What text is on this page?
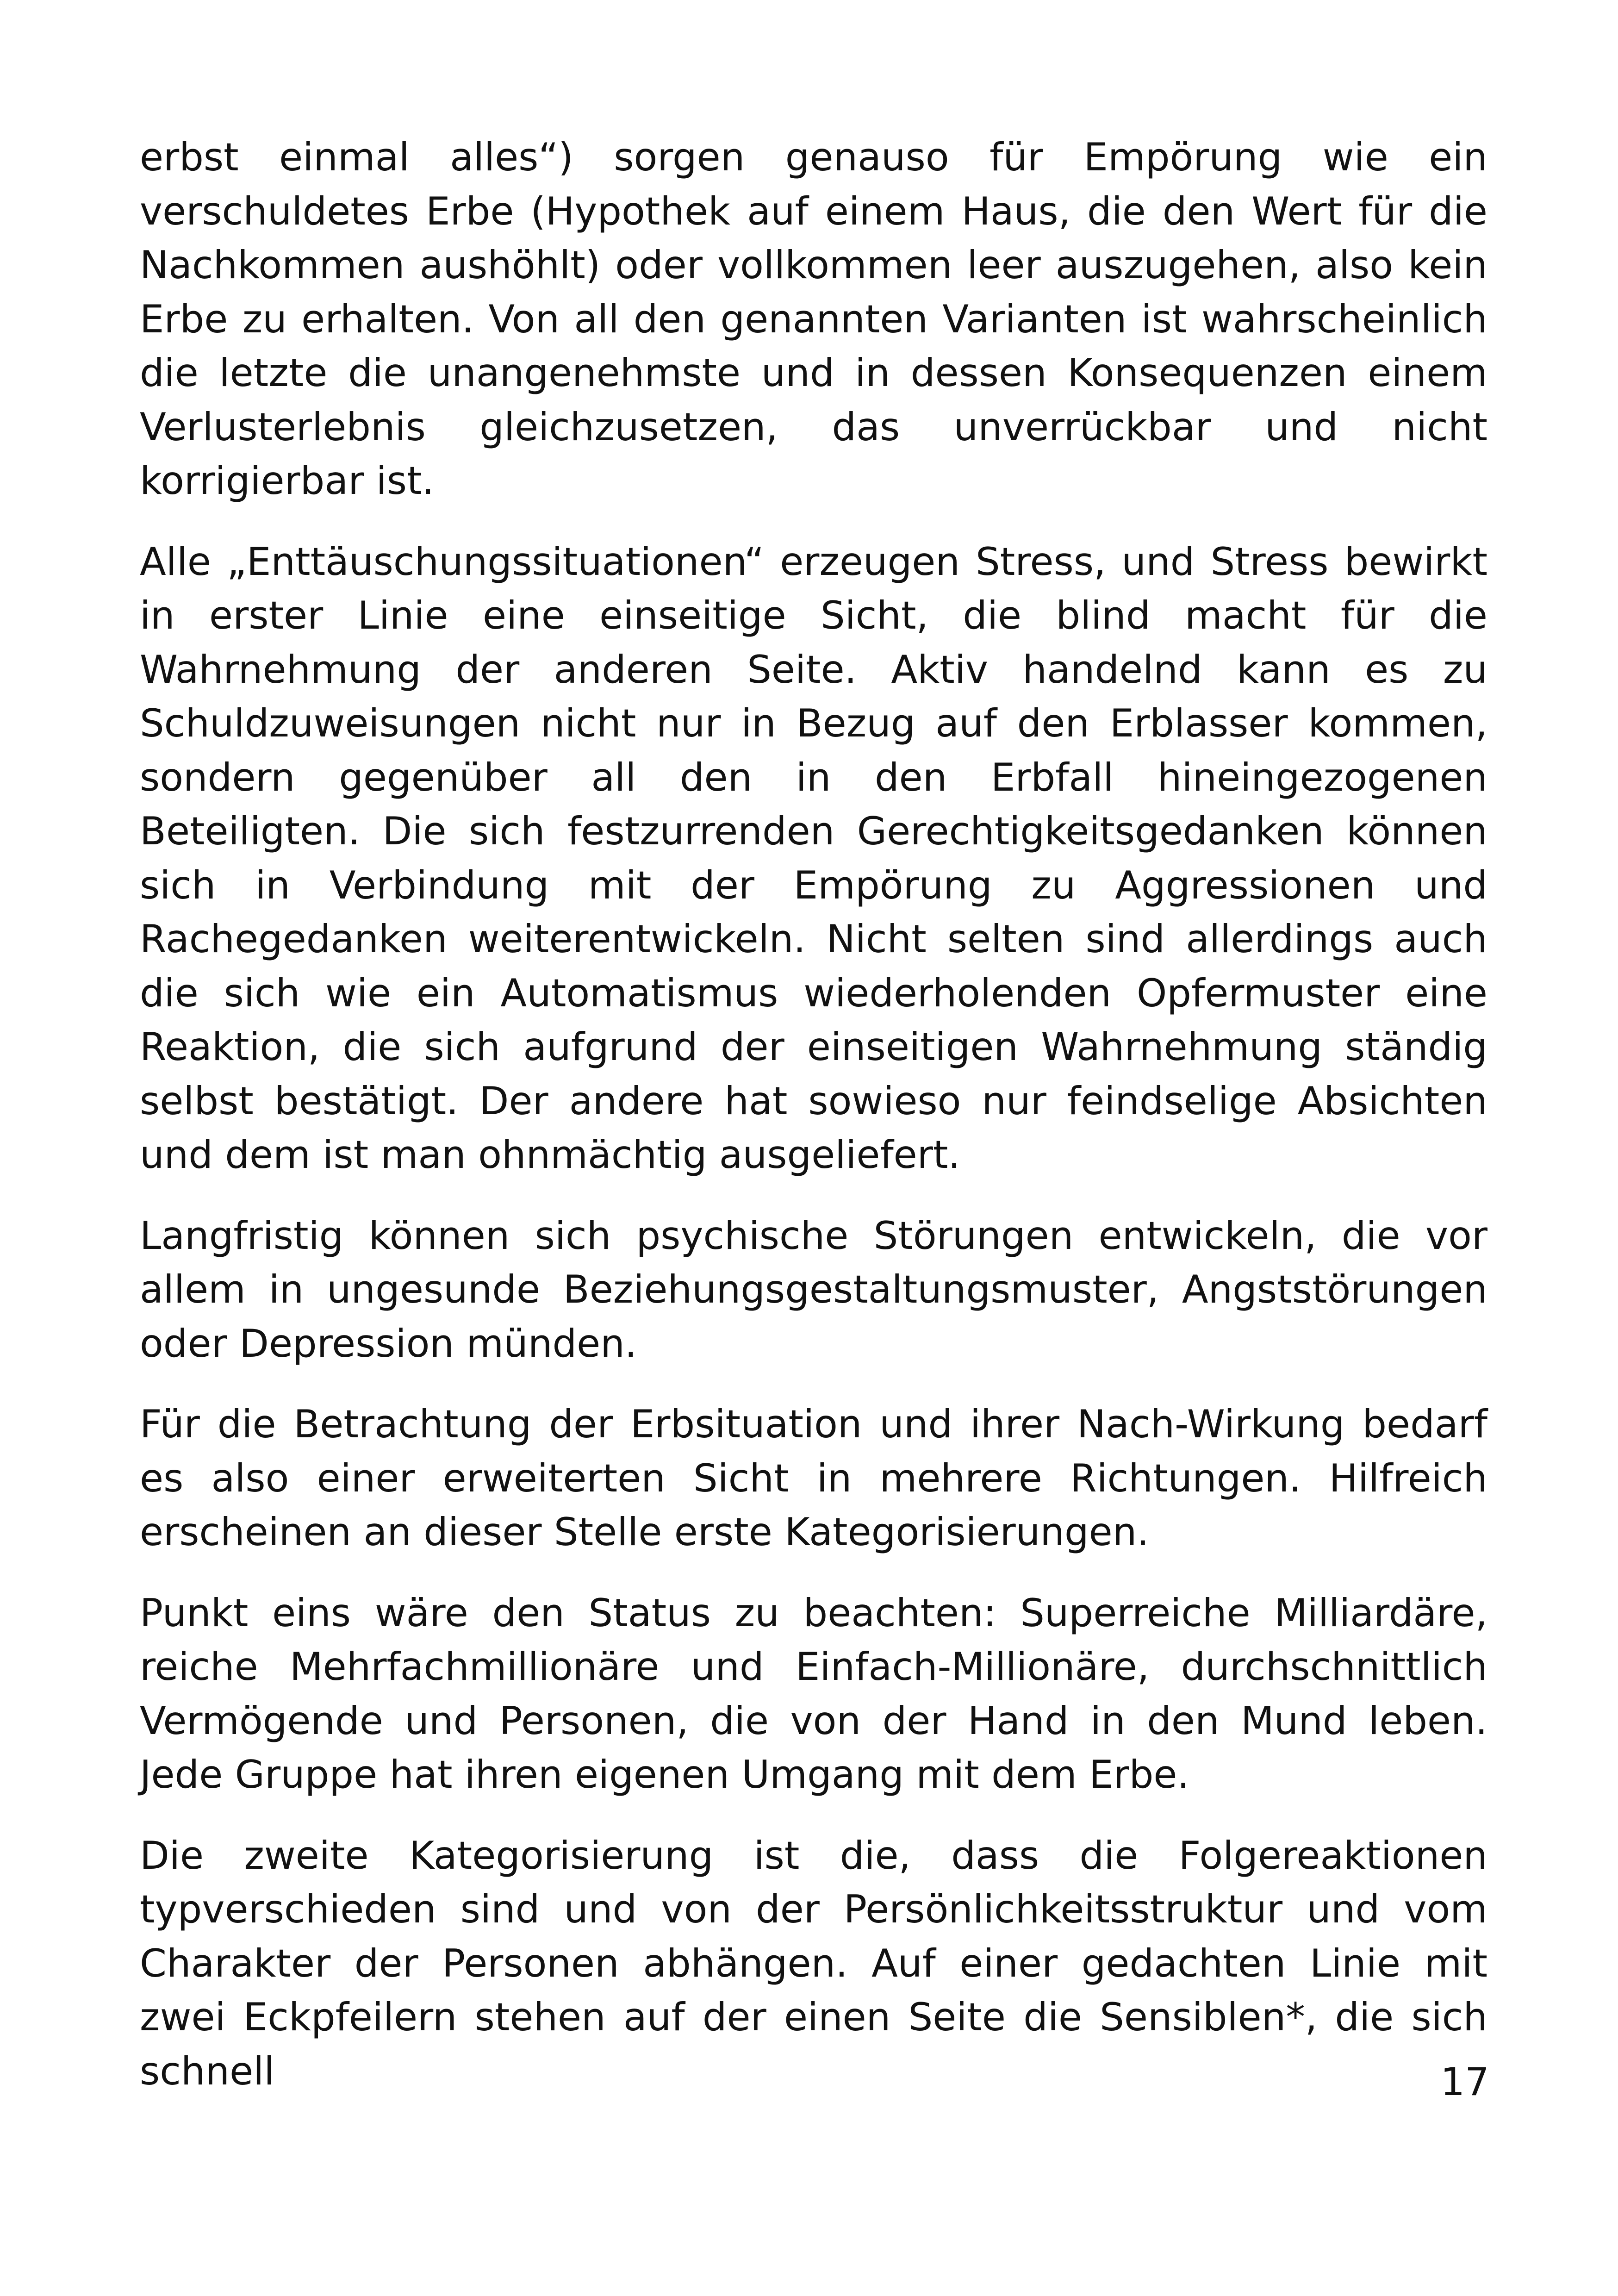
erbst einmal alles“) sorgen genauso für Empörung wie ein verschuldetes Erbe (Hypothek auf einem Haus, die den Wert für die Nachkommen aushöhlt) oder vollkommen leer auszugehen, also kein Erbe zu erhalten. Von all den genannten Varianten ist wahrscheinlich die letzte die unangenehmste und in dessen Konsequenzen einem Verlusterlebnis gleichzusetzen, das unverrückbar und nicht korrigierbar ist.

Alle „Enttäuschungssituationen“ erzeugen Stress, und Stress bewirkt in erster Linie eine einseitige Sicht, die blind macht für die Wahrnehmung der anderen Seite. Aktiv handelnd kann es zu Schuldzuweisungen nicht nur in Bezug auf den Erblasser kommen, sondern gegenüber all den in den Erbfall hineingezogenen Beteiligten. Die sich festzurrenden Gerechtigkeitsgedanken können sich in Verbindung mit der Empörung zu Aggressionen und Rachegedanken weiterentwickeln. Nicht selten sind allerdings auch die sich wie ein Automatismus wiederholenden Opfermuster eine Reaktion, die sich aufgrund der einseitigen Wahrnehmung ständig selbst bestätigt. Der andere hat sowieso nur feindselige Absichten und dem ist man ohnmächtig ausgeliefert.

Langfristig können sich psychische Störungen entwickeln, die vor allem in ungesunde Beziehungsgestaltungsmuster, Angststörungen oder Depression münden.

Für die Betrachtung der Erbsituation und ihrer Nach-Wirkung bedarf es also einer erweiterten Sicht in mehrere Richtungen. Hilfreich erscheinen an dieser Stelle erste Kategorisierungen.

Punkt eins wäre den Status zu beachten: Superreiche Milliardäre, reiche Mehrfachmillionäre und Einfach-Millionäre, durchschnittlich Vermögende und Personen, die von der Hand in den Mund leben. Jede Gruppe hat ihren eigenen Umgang mit dem Erbe.

Die zweite Kategorisierung ist die, dass die Folgereaktionen typverschieden sind und von der Persönlichkeitsstruktur und vom Charakter der Personen abhängen. Auf einer gedachten Linie mit zwei Eckpfeilern stehen auf der einen Seite die Sensiblen*, die sich schnell	17
